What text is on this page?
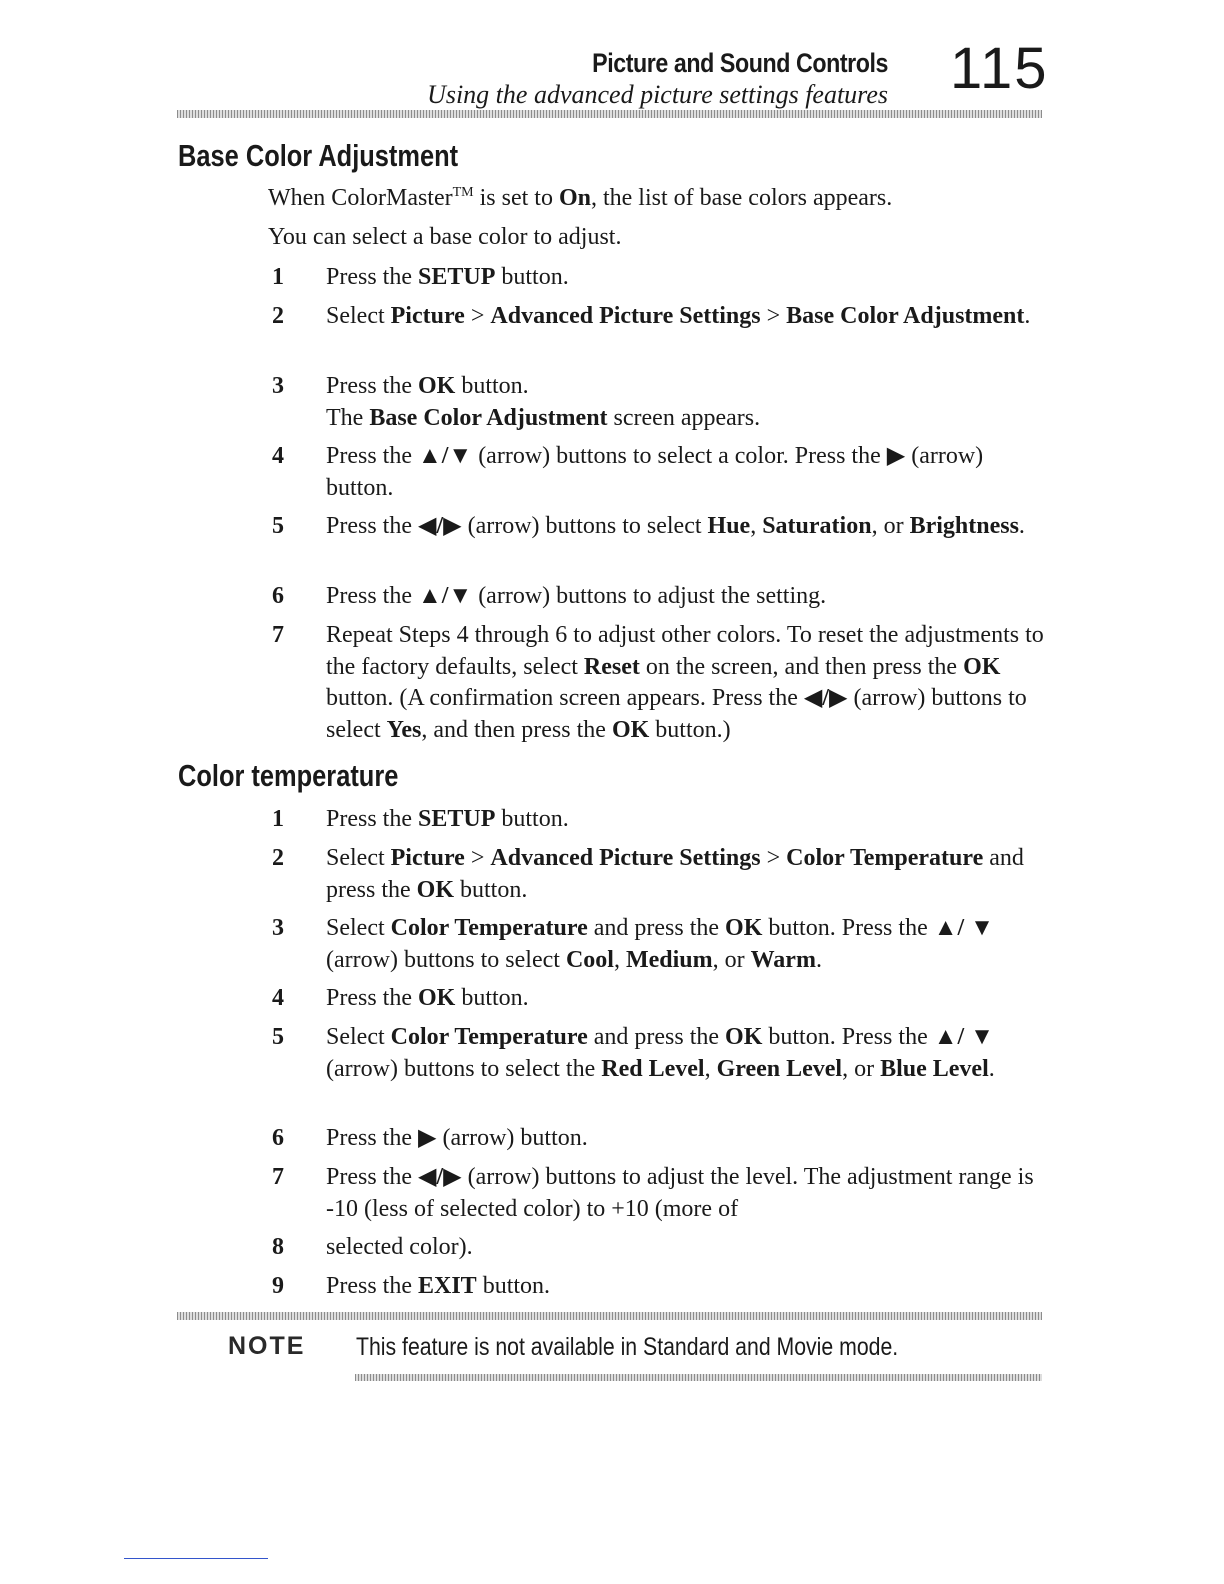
Picture and Sound Controls
Using the advanced picture settings features 115
Base Color Adjustment
When ColorMaster™ is set to On, the list of base colors appears.
You can select a base color to adjust.
1	Press the SETUP button.
2	Select Picture > Advanced Picture Settings > Base Color Adjustment.
3	Press the OK button.
The Base Color Adjustment screen appears.
4	Press the ▲/▼ (arrow) buttons to select a color. Press the ▶ (arrow) button.
5	Press the ◀/▶ (arrow) buttons to select Hue, Saturation, or Brightness.
6	Press the ▲/▼ (arrow) buttons to adjust the setting.
7	Repeat Steps 4 through 6 to adjust other colors. To reset the adjustments to the factory defaults, select Reset on the screen, and then press the OK button. (A confirmation screen appears. Press the ◀/▶ (arrow) buttons to select Yes, and then press the OK button.)
Color temperature
1	Press the SETUP button.
2	Select Picture > Advanced Picture Settings > Color Temperature and press the OK button.
3	Select Color Temperature and press the OK button. Press the ▲/ ▼ (arrow) buttons to select Cool, Medium, or Warm.
4	Press the OK button.
5	Select Color Temperature and press the OK button. Press the ▲/ ▼ (arrow) buttons to select the Red Level, Green Level, or Blue Level.
6	Press the ▶ (arrow) button.
7	Press the ◀/▶ (arrow) buttons to adjust the level. The adjustment range is -10 (less of selected color) to +10 (more of
8	selected color).
9	Press the EXIT button.
NOTE This feature is not available in Standard and Movie mode.
